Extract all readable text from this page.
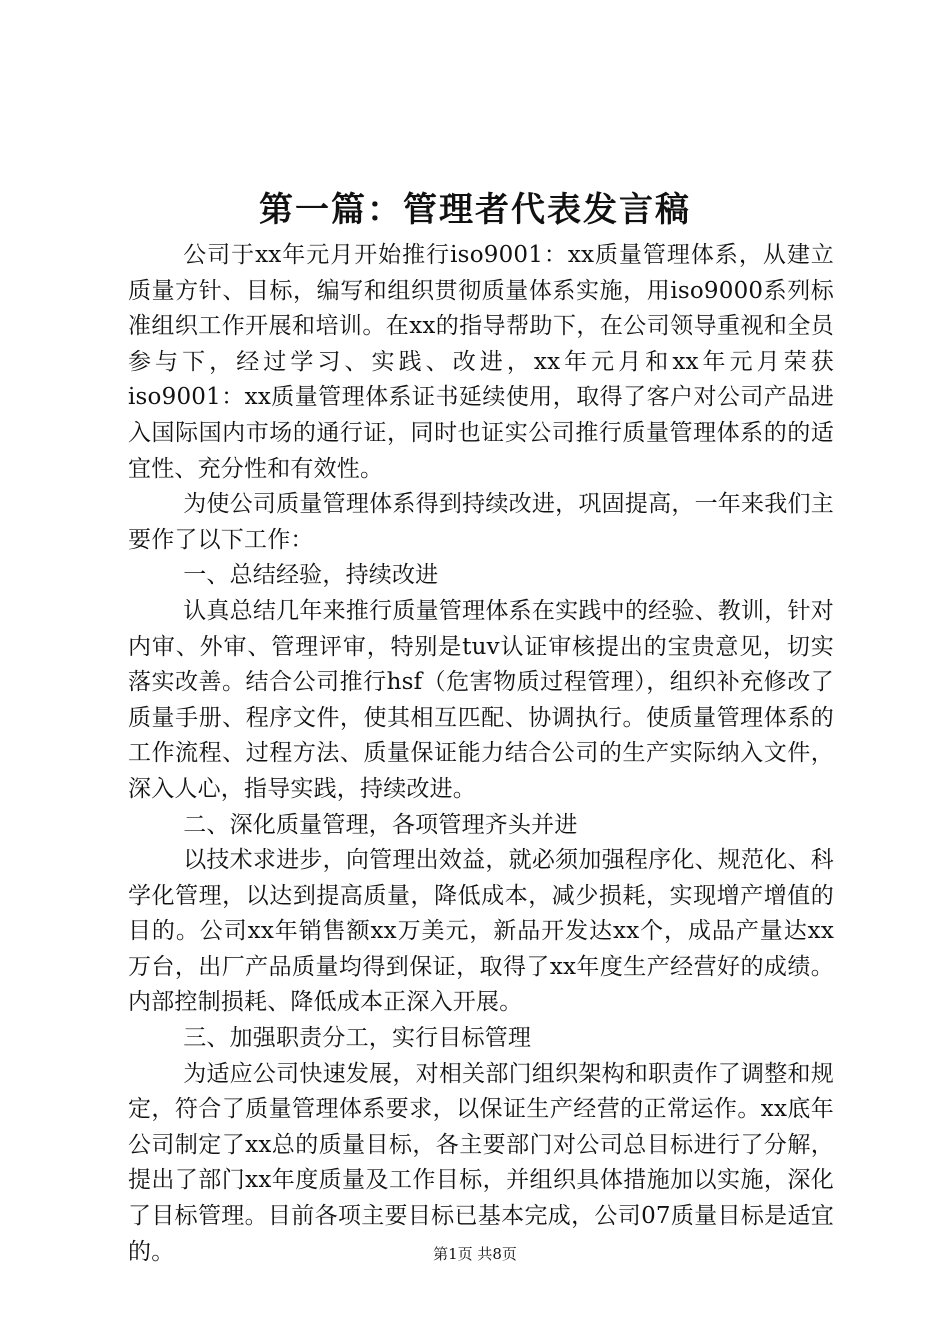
第一篇：管理者代表发言稿

公司于xx年元月开始推行iso9001：xx质量管理体系，从建立质量方针、目标，编写和组织贯彻质量体系实施，用iso9000系列标准组织工作开展和培训。在xx的指导帮助下，在公司领导重视和全员参与下，经过学习、实践、改进，xx年元月和xx年元月荣获iso9001：xx质量管理体系证书延续使用，取得了客户对公司产品进入国际国内市场的通行证，同时也证实公司推行质量管理体系的的适宜性、充分性和有效性。

为使公司质量管理体系得到持续改进，巩固提高，一年来我们主要作了以下工作：

一、总结经验，持续改进

认真总结几年来推行质量管理体系在实践中的经验、教训，针对内审、外审、管理评审，特别是tuv认证审核提出的宝贵意见，切实落实改善。结合公司推行hsf（危害物质过程管理），组织补充修改了质量手册、程序文件，使其相互匹配、协调执行。使质量管理体系的工作流程、过程方法、质量保证能力结合公司的生产实际纳入文件，深入人心，指导实践，持续改进。

二、深化质量管理，各项管理齐头并进

以技术求进步，向管理出效益，就必须加强程序化、规范化、科学化管理，以达到提高质量，降低成本，减少损耗，实现增产增值的目的。公司xx年销售额xx万美元，新品开发达xx个，成品产量达xx万台，出厂产品质量均得到保证，取得了xx年度生产经营好的成绩。内部控制损耗、降低成本正深入开展。

三、加强职责分工，实行目标管理

为适应公司快速发展，对相关部门组织架构和职责作了调整和规定，符合了质量管理体系要求，以保证生产经营的正常运作。xx底年公司制定了xx总的质量目标，各主要部门对公司总目标进行了分解，提出了部门xx年度质量及工作目标，并组织具体措施加以实施，深化了目标管理。目前各项主要目标已基本完成，公司07质量目标是适宜的。	第1页 共8页
